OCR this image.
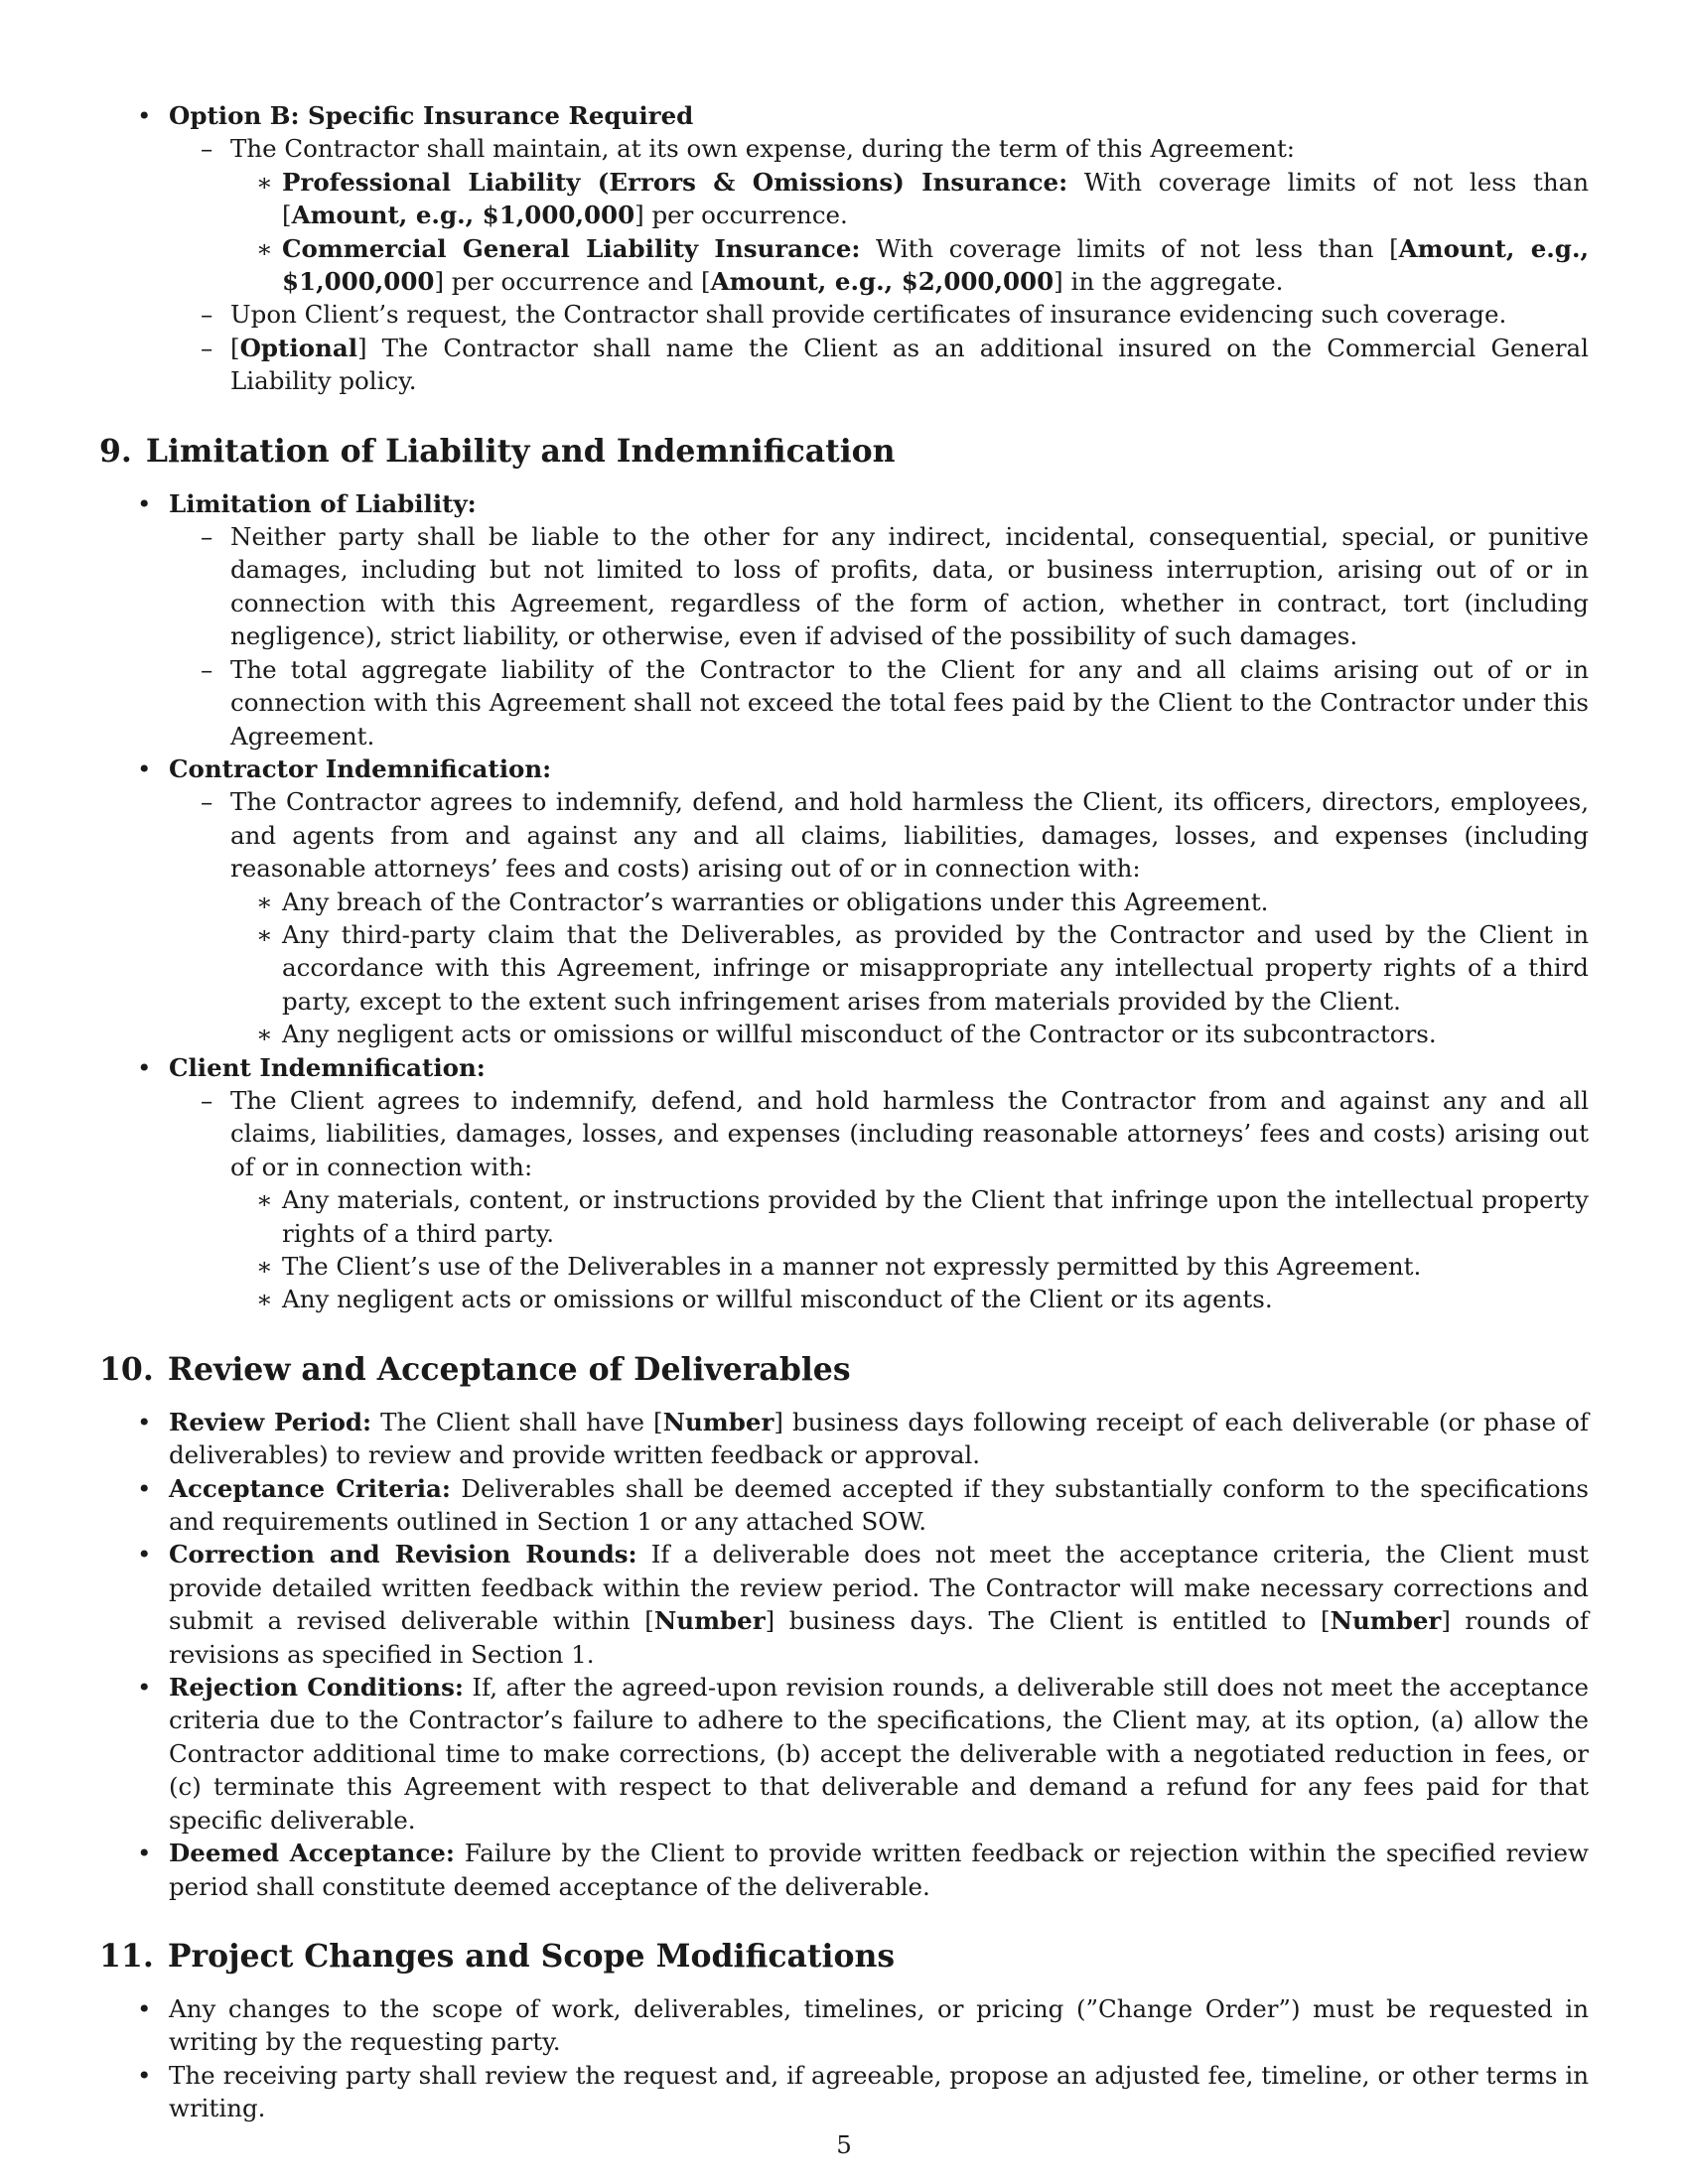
• Option B: Specific Insurance Required
– The Contractor shall maintain, at its own expense, during the term of this Agreement:
∗ Professional Liability (Errors & Omissions) Insurance: With coverage limits of not less than [Amount, e.g., $1,000,000] per occurrence.
∗ Commercial General Liability Insurance: With coverage limits of not less than [Amount, e.g., $1,000,000] per occurrence and [Amount, e.g., $2,000,000] in the aggregate.
– Upon Client’s request, the Contractor shall provide certificates of insurance evidencing such coverage.
– [Optional] The Contractor shall name the Client as an additional insured on the Commercial General Liability policy.
9. Limitation of Liability and Indemnification
• Limitation of Liability:
– Neither party shall be liable to the other for any indirect, incidental, consequential, special, or punitive damages, including but not limited to loss of profits, data, or business interruption, arising out of or in connection with this Agreement, regardless of the form of action, whether in contract, tort (including negligence), strict liability, or otherwise, even if advised of the possibility of such damages.
– The total aggregate liability of the Contractor to the Client for any and all claims arising out of or in connection with this Agreement shall not exceed the total fees paid by the Client to the Contractor under this Agreement.
• Contractor Indemnification:
– The Contractor agrees to indemnify, defend, and hold harmless the Client, its officers, directors, employees, and agents from and against any and all claims, liabilities, damages, losses, and expenses (including reasonable attorneys’ fees and costs) arising out of or in connection with:
∗ Any breach of the Contractor’s warranties or obligations under this Agreement.
∗ Any third-party claim that the Deliverables, as provided by the Contractor and used by the Client in accordance with this Agreement, infringe or misappropriate any intellectual property rights of a third party, except to the extent such infringement arises from materials provided by the Client.
∗ Any negligent acts or omissions or willful misconduct of the Contractor or its subcontractors.
• Client Indemnification:
– The Client agrees to indemnify, defend, and hold harmless the Contractor from and against any and all claims, liabilities, damages, losses, and expenses (including reasonable attorneys’ fees and costs) arising out of or in connection with:
∗ Any materials, content, or instructions provided by the Client that infringe upon the intellectual property rights of a third party.
∗ The Client’s use of the Deliverables in a manner not expressly permitted by this Agreement.
∗ Any negligent acts or omissions or willful misconduct of the Client or its agents.
10. Review and Acceptance of Deliverables
• Review Period: The Client shall have [Number] business days following receipt of each deliverable (or phase of deliverables) to review and provide written feedback or approval.
• Acceptance Criteria: Deliverables shall be deemed accepted if they substantially conform to the specifications and requirements outlined in Section 1 or any attached SOW.
• Correction and Revision Rounds: If a deliverable does not meet the acceptance criteria, the Client must provide detailed written feedback within the review period. The Contractor will make necessary corrections and submit a revised deliverable within [Number] business days. The Client is entitled to [Number] rounds of revisions as specified in Section 1.
• Rejection Conditions: If, after the agreed-upon revision rounds, a deliverable still does not meet the acceptance criteria due to the Contractor’s failure to adhere to the specifications, the Client may, at its option, (a) allow the Contractor additional time to make corrections, (b) accept the deliverable with a negotiated reduction in fees, or (c) terminate this Agreement with respect to that deliverable and demand a refund for any fees paid for that specific deliverable.
• Deemed Acceptance: Failure by the Client to provide written feedback or rejection within the specified review period shall constitute deemed acceptance of the deliverable.
11. Project Changes and Scope Modifications
• Any changes to the scope of work, deliverables, timelines, or pricing (”Change Order”) must be requested in writing by the requesting party.
• The receiving party shall review the request and, if agreeable, propose an adjusted fee, timeline, or other terms in writing.
5
